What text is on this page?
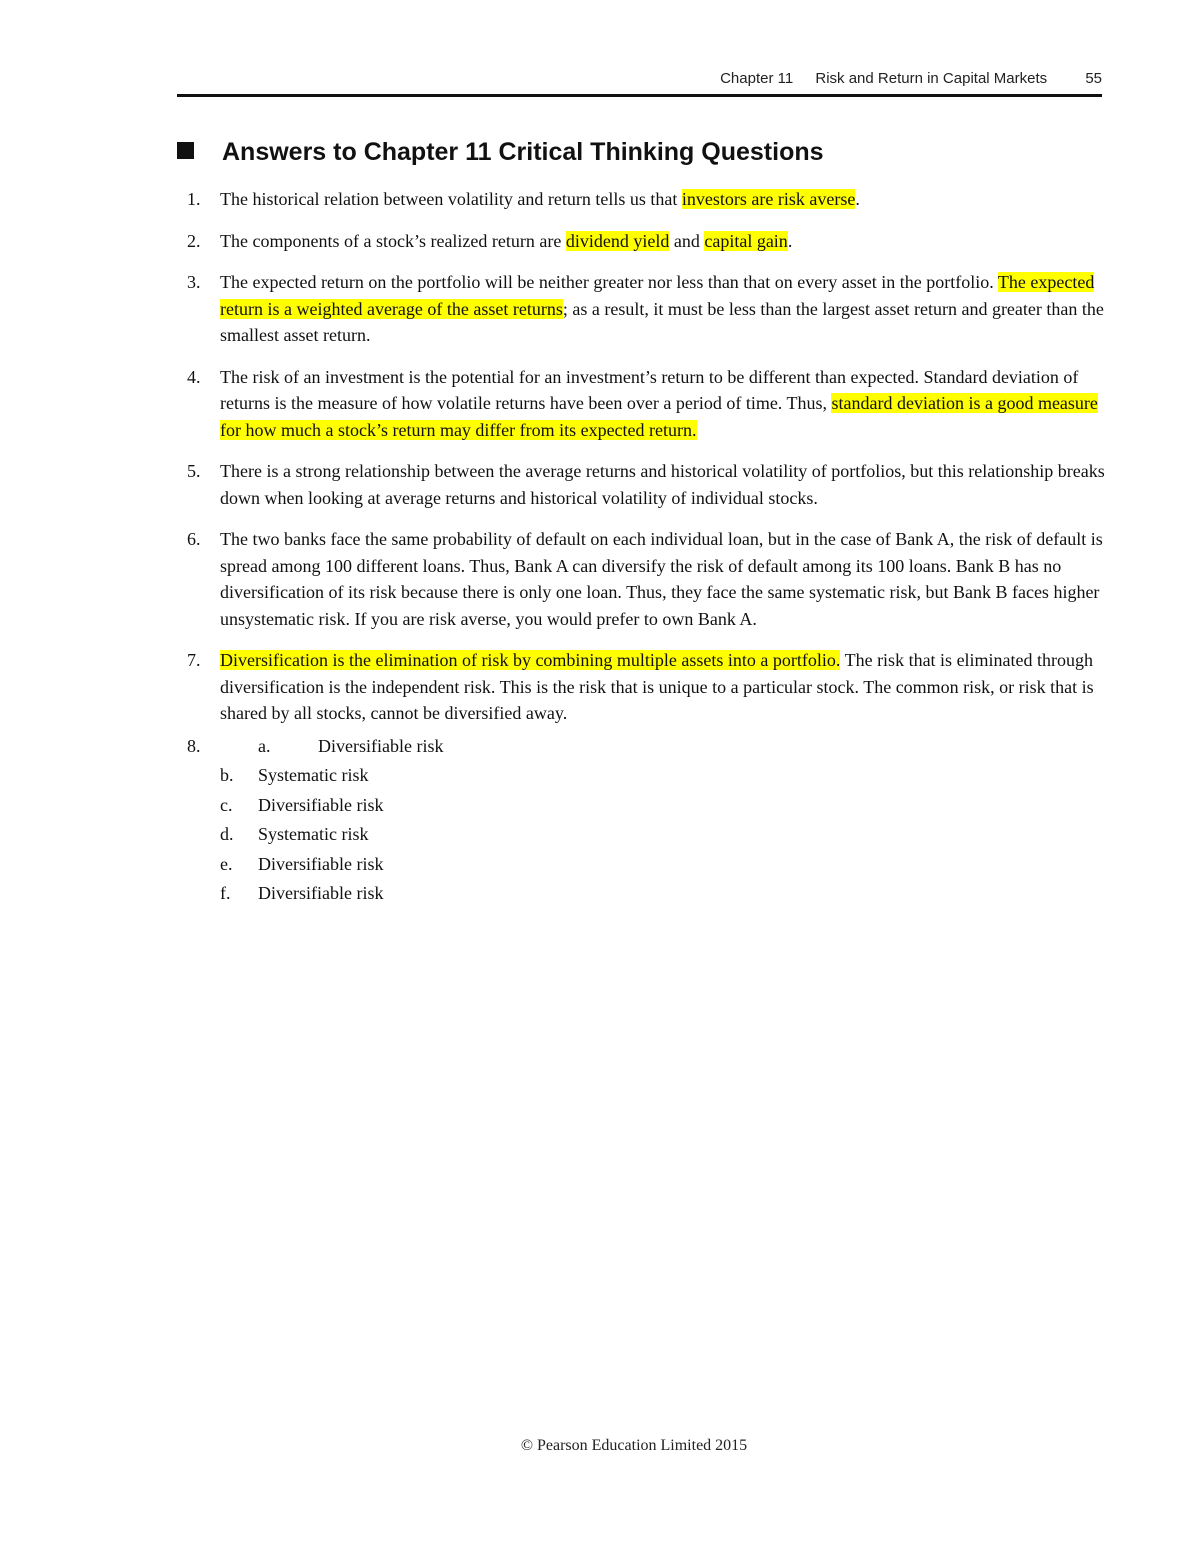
Chapter 11 Risk and Return in Capital Markets	55
Answers to Chapter 11 Critical Thinking Questions
1. The historical relation between volatility and return tells us that investors are risk averse.
2. The components of a stock’s realized return are dividend yield and capital gain.
3. The expected return on the portfolio will be neither greater nor less than that on every asset in the portfolio. The expected return is a weighted average of the asset returns; as a result, it must be less than the largest asset return and greater than the smallest asset return.
4. The risk of an investment is the potential for an investment’s return to be different than expected. Standard deviation of returns is the measure of how volatile returns have been over a period of time. Thus, standard deviation is a good measure for how much a stock’s return may differ from its expected return.
5. There is a strong relationship between the average returns and historical volatility of portfolios, but this relationship breaks down when looking at average returns and historical volatility of individual stocks.
6. The two banks face the same probability of default on each individual loan, but in the case of Bank A, the risk of default is spread among 100 different loans. Thus, Bank A can diversify the risk of default among its 100 loans. Bank B has no diversification of its risk because there is only one loan. Thus, they face the same systematic risk, but Bank B faces higher unsystematic risk. If you are risk averse, you would prefer to own Bank A.
7. Diversification is the elimination of risk by combining multiple assets into a portfolio. The risk that is eliminated through diversification is the independent risk. This is the risk that is unique to a particular stock. The common risk, or risk that is shared by all stocks, cannot be diversified away.
8.	a.	Diversifiable risk
b. Systematic risk
c. Diversifiable risk
d. Systematic risk
e. Diversifiable risk
f. Diversifiable risk
© Pearson Education Limited 2015
